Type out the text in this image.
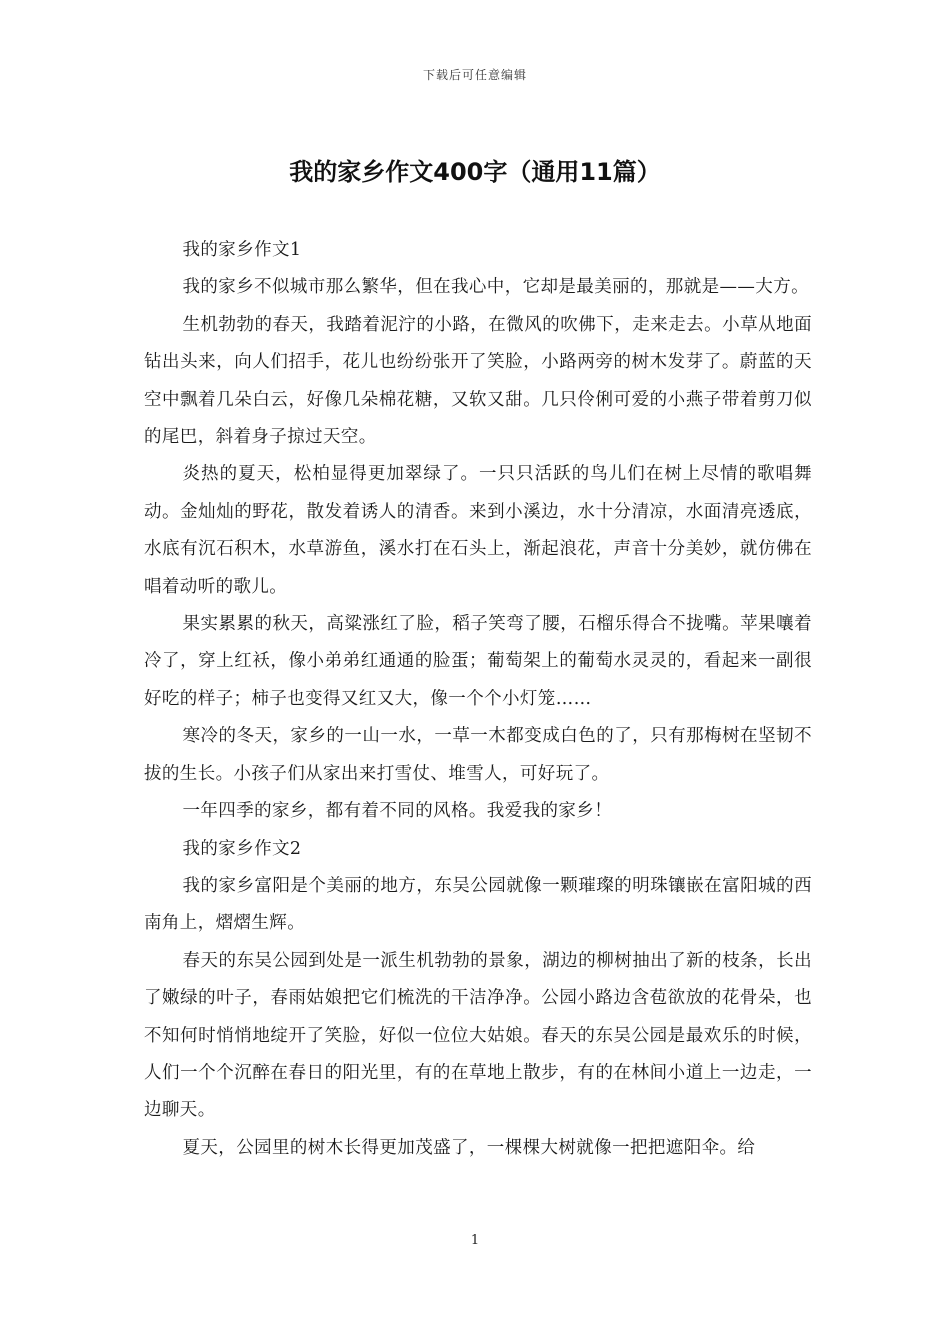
下载后可任意编辑
我的家乡作文400字（通用11篇）

我的家乡作文1

我的家乡不似城市那么繁华，但在我心中，它却是最美丽的，那就是——大方。

生机勃勃的春天，我踏着泥泞的小路，在微风的吹佛下，走来走去。小草从地面钻出头来，向人们招手，花儿也纷纷张开了笑脸，小路两旁的树木发芽了。蔚蓝的天空中飘着几朵白云，好像几朵棉花糖，又软又甜。几只伶俐可爱的小燕子带着剪刀似的尾巴，斜着身子掠过天空。

炎热的夏天，松柏显得更加翠绿了。一只只活跃的鸟儿们在树上尽情的歌唱舞动。金灿灿的野花，散发着诱人的清香。来到小溪边，水十分清凉，水面清亮透底，水底有沉石积木，水草游鱼，溪水打在石头上，渐起浪花，声音十分美妙，就仿佛在唱着动听的歌儿。

果实累累的秋天，高粱涨红了脸，稻子笑弯了腰，石榴乐得合不拢嘴。苹果嚷着冷了，穿上红袄，像小弟弟红通通的脸蛋；葡萄架上的葡萄水灵灵的，看起来一副很好吃的样子；柿子也变得又红又大，像一个个小灯笼……

寒冷的冬天，家乡的一山一水，一草一木都变成白色的了，只有那梅树在坚韧不拔的生长。小孩子们从家出来打雪仗、堆雪人，可好玩了。

一年四季的家乡，都有着不同的风格。我爱我的家乡！

我的家乡作文2

我的家乡富阳是个美丽的地方，东吴公园就像一颗璀璨的明珠镶嵌在富阳城的西南角上，熠熠生辉。

春天的东吴公园到处是一派生机勃勃的景象，湖边的柳树抽出了新的枝条，长出了嫩绿的叶子，春雨姑娘把它们梳洗的干洁净净。公园小路边含苞欲放的花骨朵，也不知何时悄悄地绽开了笑脸，好似一位位大姑娘。春天的东吴公园是最欢乐的时候，人们一个个沉醉在春日的阳光里，有的在草地上散步，有的在林间小道上一边走，一边聊天。

夏天，公园里的树木长得更加茂盛了，一棵棵大树就像一把把遮阳伞。给

1
